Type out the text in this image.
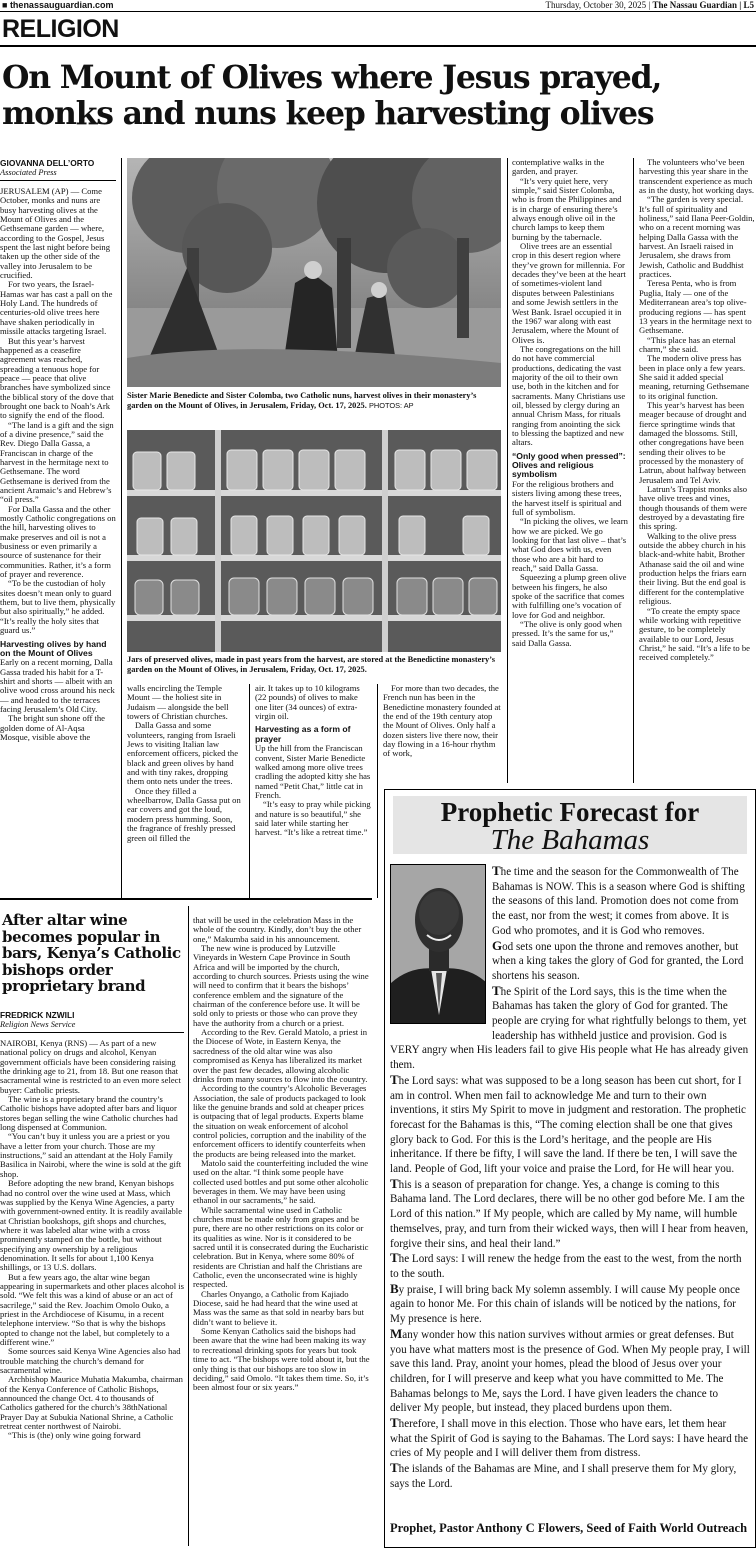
■ thenassauguardian.com	Thursday, October 30, 2025 | The Nassau Guardian | L5
RELIGION
On Mount of Olives where Jesus prayed,
monks and nuns keep harvesting olives
GIOVANNA DELL’ORTO
Associated Press

JERUSALEM (AP) — Come October, monks and nuns are busy harvesting olives at the Mount of Olives and the Gethsemane garden — where, according to the Gospel, Jesus spent the last night before being taken up the other side of the valley into Jerusalem to be crucified.

For two years, the Israel-Hamas war has cast a pall on the Holy Land. The hundreds of centuries-old olive trees here have shaken periodically in missile attacks targeting Israel.

But this year’s harvest happened as a ceasefire agreement was reached, spreading a tenuous hope for peace — peace that olive branches have symbolized since the biblical story of the dove that brought one back to Noah’s Ark to signify the end of the flood.

“The land is a gift and the sign of a divine presence,” said the Rev. Diego Dalla Gassa, a Franciscan in charge of the harvest in the hermitage next to Gethsemane. The word Gethsemane is derived from the ancient Aramaic’s and Hebrew’s “oil press.”

For Dalla Gassa and the other mostly Catholic congregations on the hill, harvesting olives to make preserves and oil is not a business or even primarily a source of sustenance for their communities. Rather, it’s a form of prayer and reverence.

“To be the custodian of holy sites doesn’t mean only to guard them, but to live them, physically but also spiritually,” he added. “It’s really the holy sites that guard us.”

Harvesting olives by hand on the Mount of Olives

Early on a recent morning, Dalla Gassa traded his habit for a T-shirt and shorts — albeit with an olive wood cross around his neck — and headed to the terraces facing Jerusalem’s Old City.

The bright sun shone off the golden dome of Al-Aqsa Mosque, visible above the

Sister Marie Benedicte and Sister Colomba, two Catholic nuns, harvest olives in their monastery’s garden on the Mount of Olives, in Jerusalem, Friday, Oct. 17, 2025. PHOTOS: AP
Jars of preserved olives, made in past years from the harvest, are stored at the Benedictine monastery’s garden on the Mount of Olives, in Jerusalem, Friday, Oct. 17, 2025.

walls encircling the Temple Mount — the holiest site in Judaism — alongside the bell towers of Christian churches.

Dalla Gassa and some volunteers, ranging from Israeli Jews to visiting Italian law enforcement officers, picked the black and green olives by hand and with tiny rakes, dropping them onto nets under the trees.

Once they filled a wheelbarrow, Dalla Gassa put on ear covers and got the loud, modern press humming. Soon, the fragrance of freshly pressed green oil filled the

air. It takes up to 10 kilograms (22 pounds) of olives to make one liter (34 ounces) of extra-virgin oil.

Harvesting as a form of prayer

Up the hill from the Franciscan convent, Sister Marie Benedicte walked among more olive trees cradling the adopted kitty she has named “Petit Chat,” little cat in French.

“It’s easy to pray while picking and nature is so beautiful,” she said later while starting her harvest. “It’s like a retreat time.”

For more than two decades, the French nun has been in the Benedictine monastery founded at the end of the 19th century atop the Mount of Olives. Only half a dozen sisters live there now, their day flowing in a 16-hour rhythm of work,

contemplative walks in the garden, and prayer.

“It’s very quiet here, very simple,” said Sister Colomba, who is from the Philippines and is in charge of ensuring there’s always enough olive oil in the church lamps to keep them burning by the tabernacle.

Olive trees are an essential crop in this desert region where they’ve grown for millennia. For decades they’ve been at the heart of sometimes-violent land disputes between Palestinians and some Jewish settlers in the West Bank. Israel occupied it in the 1967 war along with east Jerusalem, where the Mount of Olives is.

The congregations on the hill do not have commercial productions, dedicating the vast majority of the oil to their own use, both in the kitchen and for sacraments. Many Christians use oil, blessed by clergy during an annual Chrism Mass, for rituals ranging from anointing the sick to blessing the baptized and new altars.

“Only good when pressed”: Olives and religious symbolism

For the religious brothers and sisters living among these trees, the harvest itself is spiritual and full of symbolism.

“In picking the olives, we learn how we are picked. We go looking for that last olive – that’s what God does with us, even those who are a bit hard to reach,” said Dalla Gassa.

Squeezing a plump green olive between his fingers, he also spoke of the sacrifice that comes with fulfilling one’s vocation of love for God and neighbor.

“The olive is only good when pressed. It’s the same for us,” said Dalla Gassa.

The volunteers who’ve been harvesting this year share in the transcendent experience as much as in the dusty, hot working days.

“The garden is very special. It’s full of spirituality and holiness,” said Ilana Peer-Goldin, who on a recent morning was helping Dalla Gassa with the harvest. An Israeli raised in Jerusalem, she draws from Jewish, Catholic and Buddhist practices.

Teresa Penta, who is from Puglia, Italy — one of the Mediterranean area’s top olive-producing regions — has spent 13 years in the hermitage next to Gethsemane.

“This place has an eternal charm,” she said.

The modern olive press has been in place only a few years. She said it added special meaning, returning Gethsemane to its original function.

This year’s harvest has been meager because of drought and fierce springtime winds that damaged the blossoms. Still, other congregations have been sending their olives to be processed by the monastery of Latrun, about halfway between Jerusalem and Tel Aviv.

Latrun’s Trappist monks also have olive trees and vines, though thousands of them were destroyed by a devastating fire this spring.

Walking to the olive press outside the abbey church in his black-and-white habit, Brother Athanase said the oil and wine production helps the friars earn their living. But the end goal is different for the contemplative religious.

“To create the empty space while working with repetitive gesture, to be completely available to our Lord, Jesus Christ,” he said. “It’s a life to be received completely.”

After altar wine becomes popular in bars, Kenya’s Catholic bishops order proprietary brand
FREDRICK NZWILI
Religion News Service

NAIROBI, Kenya (RNS) — As part of a new national policy on drugs and alcohol, Kenyan government officials have been considering raising the drinking age to 21, from 18. But one reason that sacramental wine is restricted to an even more select buyer: Catholic priests.

The wine is a proprietary brand the country’s Catholic bishops have adopted after bars and liquor stores began selling the wine Catholic churches had long dispensed at Communion.

“You can’t buy it unless you are a priest or you have a letter from your church. Those are my instructions,” said an attendant at the Holy Family Basilica in Nairobi, where the wine is sold at the gift shop.

Before adopting the new brand, Kenyan bishops had no control over the wine used at Mass, which was supplied by the Kenya Wine Agencies, a party with government-owned entity. It is readily available at Christian bookshops, gift shops and churches, where it was labeled altar wine with a cross prominently stamped on the bottle, but without specifying any ownership by a religious denomination. It sells for about 1,100 Kenya shillings, or 13 U.S. dollars.

But a few years ago, the altar wine began appearing in supermarkets and other places alcohol is sold. “We felt this was a kind of abuse or an act of sacrilege,” said the Rev. Joachim Omolo Ouko, a priest in the Archdiocese of Kisumu, in a recent telephone interview. “So that is why the bishops opted to change not the label, but completely to a different wine.”

Some sources said Kenya Wine Agencies also had trouble matching the church’s demand for sacramental wine.

Archbishop Maurice Muhatia Makumba, chairman of the Kenya Conference of Catholic Bishops, announced the change Oct. 4 to thousands of Catholics gathered for the church’s 38thNational Prayer Day at Subukia National Shrine, a Catholic retreat center northwest of Nairobi.

“This is (the) only wine going forward

that will be used in the celebration Mass in the whole of the country. Kindly, don’t buy the other one,” Makumba said in his announcement.

The new wine is produced by Lutzville Vineyards in Western Cape Province in South Africa and will be imported by the church, according to church sources. Priests using the wine will need to confirm that it bears the bishops’ conference emblem and the signature of the chairman of the conference before use. It will be sold only to priests or those who can prove they have the authority from a church or a priest.

According to the Rev. Gerald Matolo, a priest in the Diocese of Wote, in Eastern Kenya, the sacredness of the old altar wine was also compromised as Kenya has liberalized its market over the past few decades, allowing alcoholic drinks from many sources to flow into the country.

According to the country’s Alcoholic Beverages Association, the sale of products packaged to look like the genuine brands and sold at cheaper prices is outpacing that of legal products. Experts blame the situation on weak enforcement of alcohol control policies, corruption and the inability of the enforcement officers to identify counterfeits when the products are being released into the market.

Matolo said the counterfeiting included the wine used on the altar. “I think some people have collected used bottles and put some other alcoholic beverages in them. We may have been using ethanol in our sacraments,” he said.

While sacramental wine used in Catholic churches must be made only from grapes and be pure, there are no other restrictions on its color or its qualities as wine. Nor is it considered to be sacred until it is consecrated during the Eucharistic celebration. But in Kenya, where some 80% of residents are Christian and half the Christians are Catholic, even the unconsecrated wine is highly respected.

Charles Onyango, a Catholic from Kajiado Diocese, said he had heard that the wine used at Mass was the same as that sold in nearby bars but didn’t want to believe it.

Some Kenyan Catholics said the bishops had been aware that the wine had been making its way to recreational drinking spots for years but took time to act. “The bishops were told about it, but the only thing is that our bishops are too slow in deciding,” said Omolo. “It takes them time. So, it’s been almost four or six years.”

Prophetic Forecast for
The Bahamas

The time and the season for the Commonwealth of The Bahamas is NOW. This is a season where God is shifting the seasons of this land. Promotion does not come from the east, nor from the west; it comes from above. It is God who promotes, and it is God who removes.

God sets one upon the throne and removes another, but when a king takes the glory of God for granted, the Lord shortens his season.

The Spirit of the Lord says, this is the time when the Bahamas has taken the glory of God for granted. The people are crying for what rightfully belongs to them, yet leadership has withheld justice and provision. God is VERY angry when His leaders fail to give His people what He has already given them.

The Lord says: what was supposed to be a long season has been cut short, for I am in control. When men fail to acknowledge Me and turn to their own inventions, it stirs My Spirit to move in judgment and restoration. The prophetic forecast for the Bahamas is this, “The coming election shall be one that gives glory back to God. For this is the Lord’s heritage, and the people are His inheritance. If there be fifty, I will save the land. If there be ten, I will save the land. People of God, lift your voice and praise the Lord, for He will hear you.

This is a season of preparation for change. Yes, a change is coming to this Bahama land. The Lord declares, there will be no other god before Me. I am the Lord of this nation.” If My people, which are called by My name, will humble themselves, pray, and turn from their wicked ways, then will I hear from heaven, forgive their sins, and heal their land.”

The Lord says: I will renew the hedge from the east to the west, from the north to the south.

By praise, I will bring back My solemn assembly. I will cause My people once again to honor Me. For this chain of islands will be noticed by the nations, for My presence is here.

Many wonder how this nation survives without armies or great defenses. But you have what matters most is the presence of God. When My people pray, I will save this land. Pray, anoint your homes, plead the blood of Jesus over your children, for I will preserve and keep what you have committed to Me. The Bahamas belongs to Me, says the Lord. I have given leaders the chance to deliver My people, but instead, they placed burdens upon them.

Therefore, I shall move in this election. Those who have ears, let them hear what the Spirit of God is saying to the Bahamas. The Lord says: I have heard the cries of My people and I will deliver them from distress.

The islands of the Bahamas are Mine, and I shall preserve them for My glory, says the Lord.

Prophet, Pastor Anthony C Flowers, Seed of Faith World Outreach
